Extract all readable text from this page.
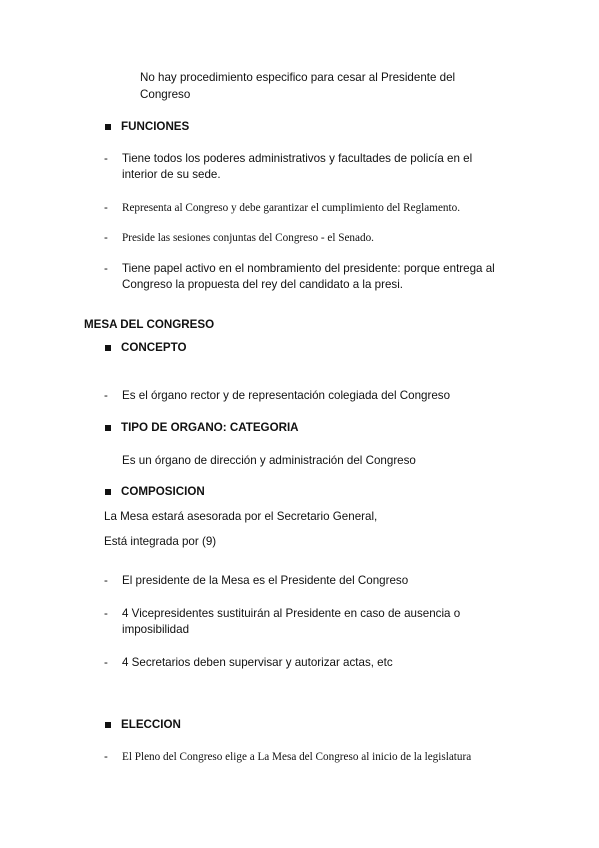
No hay procedimiento especifico para cesar al Presidente del
Congreso
FUNCIONES
- Tiene todos los poderes administrativos y facultades de policía en el
interior de su sede.
- Representa al Congreso y debe garantizar el cumplimiento del Reglamento.
- Preside las sesiones conjuntas del Congreso - el Senado.
- Tiene papel activo en el nombramiento del presidente: porque entrega al
Congreso la propuesta del rey del candidato a la presi.
MESA DEL CONGRESO
CONCEPTO
- Es el órgano rector y de representación colegiada del Congreso
TIPO DE ORGANO: CATEGORIA
Es un órgano de dirección y administración del Congreso
COMPOSICION
La Mesa estará asesorada por el Secretario General,
Está integrada por (9)
- El presidente de la Mesa es el Presidente del Congreso
- 4 Vicepresidentes sustituirán al Presidente en caso de ausencia o
imposibilidad
- 4 Secretarios deben supervisar y autorizar actas, etc
ELECCION
- El Pleno del Congreso elige a La Mesa del Congreso al inicio de la legislatura
